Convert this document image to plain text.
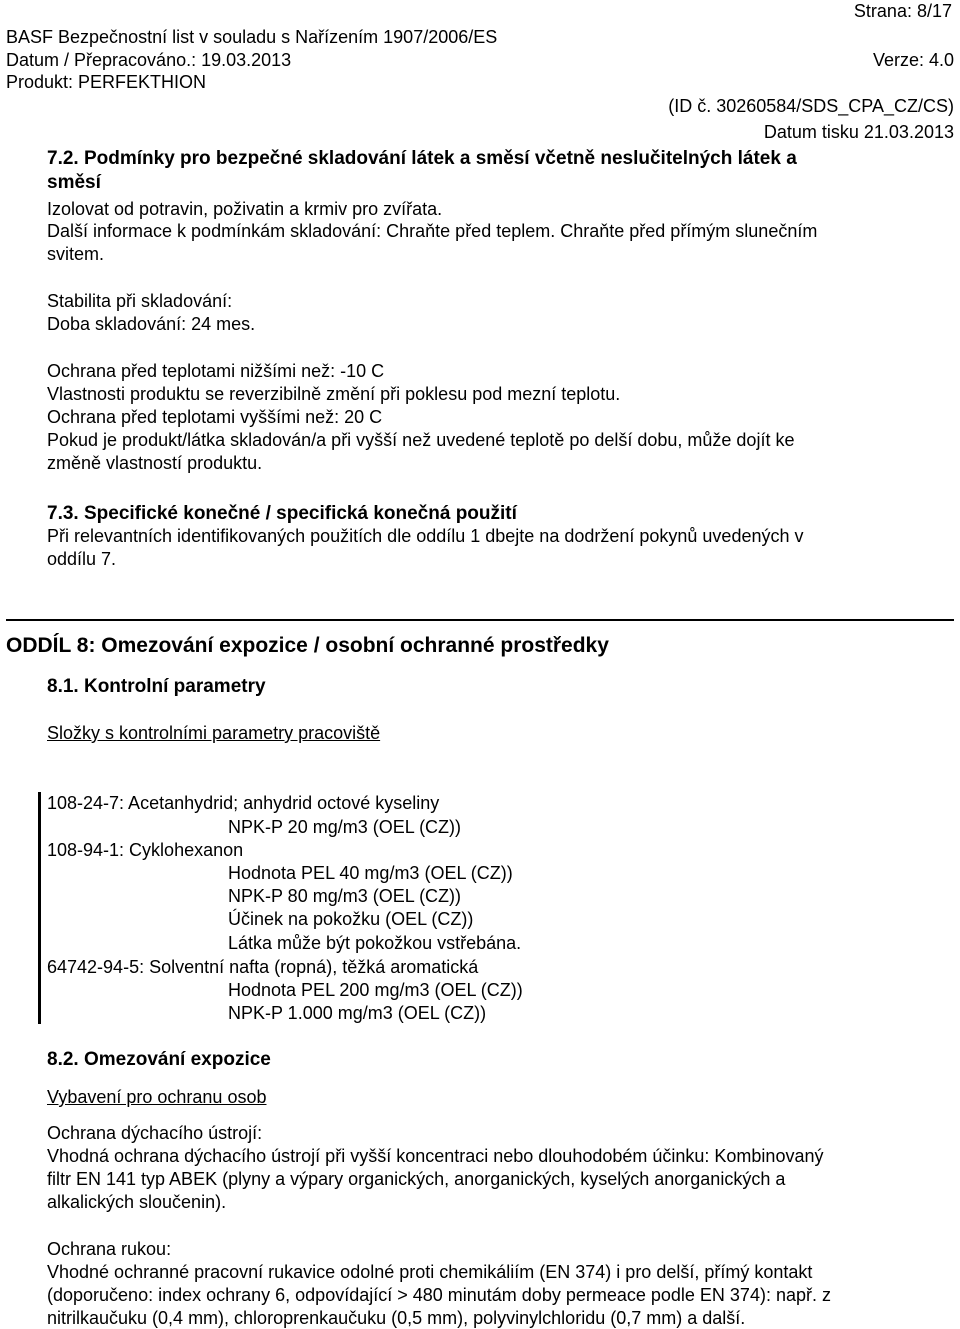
Strana: 8/17
BASF Bezpečnostní list v souladu s Nařízením 1907/2006/ES
Datum / Přepracováno.: 19.03.2013	Verze: 4.0
Produkt: PERFEKTHION
(ID č. 30260584/SDS_CPA_CZ/CS)
Datum tisku 21.03.2013
7.2. Podmínky pro bezpečné skladování látek a směsí včetně neslučitelných látek a
směsí
Izolovat od potravin, poživatin a krmiv pro zvířata.
Další informace k podmínkám skladování: Chraňte před teplem. Chraňte před přímým slunečním
svitem.
Stabilita při skladování:
Doba skladování: 24 mes.
Ochrana před teplotami nižšími než: -10 C
Vlastnosti produktu se reverzibilně změní při poklesu pod mezní teplotu.
Ochrana před teplotami vyššími než: 20 C
Pokud je produkt/látka skladován/a při vyšší než uvedené teplotě po delší dobu, může dojít ke
změně vlastností produktu.
7.3. Specifické konečné / specifická konečná použití
Při relevantních identifikovaných použitích dle oddílu 1 dbejte na dodržení pokynů uvedených v
oddílu 7.
ODDÍL 8: Omezování expozice / osobní ochranné prostředky
8.1. Kontrolní parametry
Složky s kontrolními parametry pracoviště
108-24-7: Acetanhydrid; anhydrid octové kyseliny
NPK-P 20 mg/m3 (OEL (CZ))
108-94-1: Cyklohexanon
Hodnota PEL 40 mg/m3 (OEL (CZ))
NPK-P 80 mg/m3 (OEL (CZ))
Účinek na pokožku (OEL (CZ))
Látka může být pokožkou vstřebána.
64742-94-5: Solventní nafta (ropná), těžká aromatická
Hodnota PEL 200 mg/m3 (OEL (CZ))
NPK-P 1.000 mg/m3 (OEL (CZ))
8.2. Omezování expozice
Vybavení pro ochranu osob
Ochrana dýchacího ústrojí:
Vhodná ochrana dýchacího ústrojí při vyšší koncentraci nebo dlouhodobém účinku: Kombinovaný
filtr EN 141 typ ABEK (plyny a výpary organických, anorganických, kyselých anorganických a
alkalických sloučenin).
Ochrana rukou:
Vhodné ochranné pracovní rukavice odolné proti chemikáliím (EN 374) i pro delší, přímý kontakt
(doporučeno: index ochrany 6, odpovídající > 480 minutám doby permeace podle EN 374): např. z
nitrilkaučuku (0,4 mm), chloroprenkaučuku (0,5 mm), polyvinylchloridu (0,7 mm) a další.
